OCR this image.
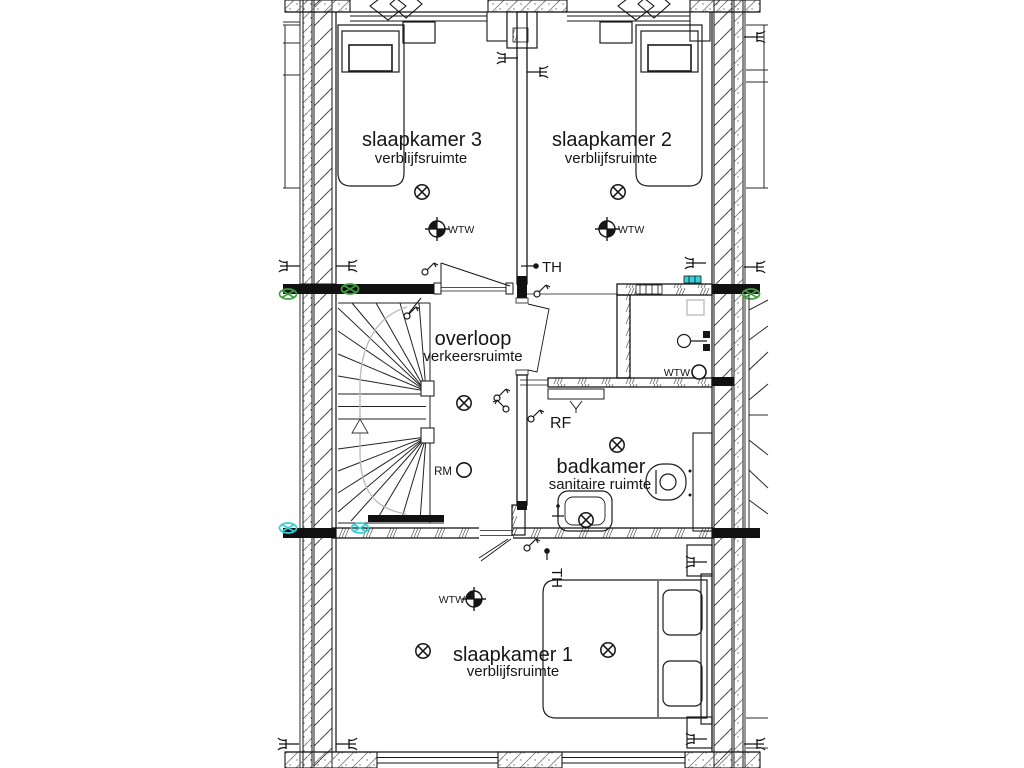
slaapkamer 3
verblijfsruimte
slaapkamer 2
verblijfsruimte
overloop
verkeersruimte
badkamer
sanitaire ruimte
slaapkamer 1
verblijfsruimte
TH
TH
RF
RM
WTW	WTW
WTW
WTW
